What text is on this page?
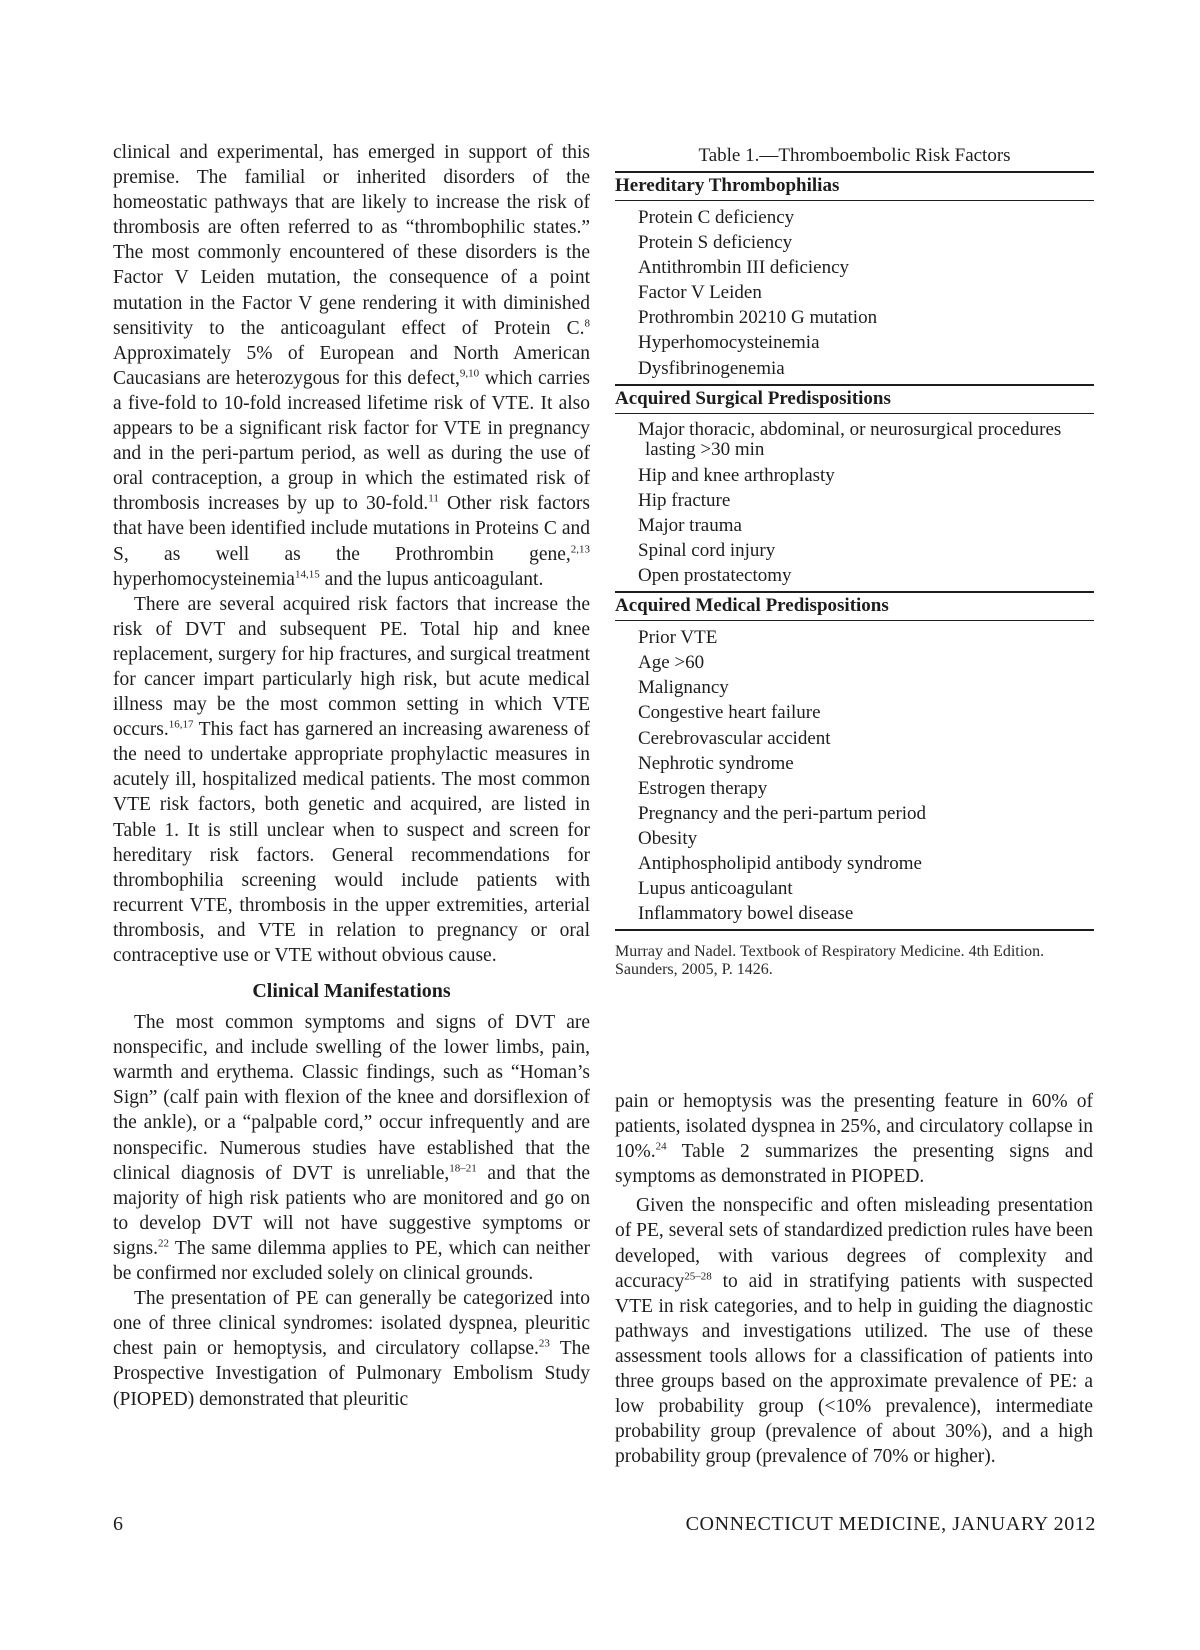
clinical and experimental, has emerged in support of this premise. The familial or inherited disorders of the homeostatic pathways that are likely to increase the risk of thrombosis are often referred to as “thrombophilic states.” The most commonly encountered of these disorders is the Factor V Leiden mutation, the consequence of a point mutation in the Factor V gene rendering it with diminished sensitivity to the anticoagulant effect of Protein C.$^8$ Approximately 5% of European and North American Caucasians are heterozygous for this defect,$^{9,10}$ which carries a five-fold to 10-fold increased lifetime risk of VTE. It also appears to be a significant risk factor for VTE in pregnancy and in the peri-partum period, as well as during the use of oral contraception, a group in which the estimated risk of thrombosis increases by up to 30-fold.$^{11}$ Other risk factors that have been identified include mutations in Proteins C and S, as well as the Prothrombin gene,$^{2,13}$ hyperhomocysteinemia$^{14,15}$ and the lupus anticoagulant.

There are several acquired risk factors that increase the risk of DVT and subsequent PE. Total hip and knee replacement, surgery for hip fractures, and surgical treatment for cancer impart particularly high risk, but acute medical illness may be the most common setting in which VTE occurs.$^{16,17}$ This fact has garnered an increasing awareness of the need to undertake appropriate prophylactic measures in acutely ill, hospitalized medical patients. The most common VTE risk factors, both genetic and acquired, are listed in Table 1. It is still unclear when to suspect and screen for hereditary risk factors. General recommendations for thrombophilia screening would include patients with recurrent VTE, thrombosis in the upper extremities, arterial thrombosis, and VTE in relation to pregnancy or oral contraceptive use or VTE without obvious cause.

Clinical Manifestations

The most common symptoms and signs of DVT are nonspecific, and include swelling of the lower limbs, pain, warmth and erythema. Classic findings, such as “Homan’s Sign” (calf pain with flexion of the knee and dorsiflexion of the ankle), or a “palpable cord,” occur infrequently and are nonspecific. Numerous studies have established that the clinical diagnosis of DVT is unreliable,$^{18-21}$ and that the majority of high risk patients who are monitored and go on to develop DVT will not have suggestive symptoms or signs.$^{22}$ The same dilemma applies to PE, which can neither be confirmed nor excluded solely on clinical grounds.

The presentation of PE can generally be categorized into one of three clinical syndromes: isolated dyspnea, pleuritic chest pain or hemoptysis, and circulatory collapse.$^{23}$ The Prospective Investigation of Pulmonary Embolism Study (PIOPED) demonstrated that pleuritic

Table 1.—Thromboembolic Risk Factors
Hereditary Thrombophilias
Protein C deficiency
Protein S deficiency
Antithrombin III deficiency
Factor V Leiden
Prothrombin 20210 G mutation
Hyperhomocysteinemia
Dysfibrinogenemia
Acquired Surgical Predispositions
Major thoracic, abdominal, or neurosurgical procedures
lasting >30 min
Hip and knee arthroplasty
Hip fracture
Major trauma
Spinal cord injury
Open prostatectomy
Acquired Medical Predispositions
Prior VTE
Age >60
Malignancy
Congestive heart failure
Cerebrovascular accident
Nephrotic syndrome
Estrogen therapy
Pregnancy and the peri-partum period
Obesity
Antiphospholipid antibody syndrome
Lupus anticoagulant
Inflammatory bowel disease
Murray and Nadel. Textbook of Respiratory Medicine. 4th Edition. Saunders, 2005, P. 1426.

pain or hemoptysis was the presenting feature in 60% of patients, isolated dyspnea in 25%, and circulatory collapse in 10%.$^{24}$ Table 2 summarizes the presenting signs and symptoms as demonstrated in PIOPED.

Given the nonspecific and often misleading presentation of PE, several sets of standardized prediction rules have been developed, with various degrees of complexity and accuracy$^{25-28}$ to aid in stratifying patients with suspected VTE in risk categories, and to help in guiding the diagnostic pathways and investigations utilized. The use of these assessment tools allows for a classification of patients into three groups based on the approximate prevalence of PE: a low probability group (<10% prevalence), intermediate probability group (prevalence of about 30%), and a high probability group (prevalence of 70% or higher).

6	CONNECTICUT MEDICINE, JANUARY 2012
